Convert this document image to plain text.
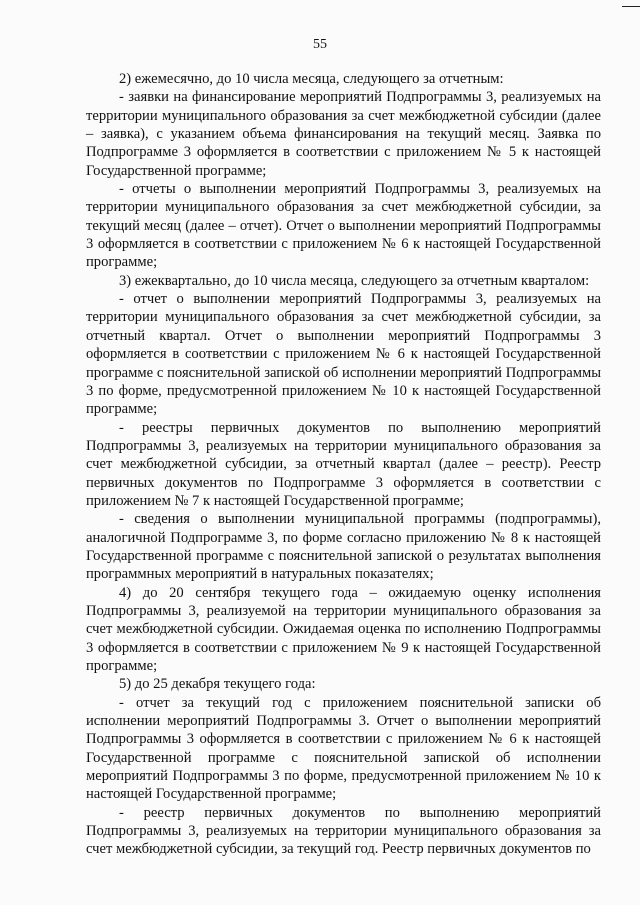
55

2) ежемесячно, до 10 числа месяца, следующего за отчетным:

- заявки на финансирование мероприятий Подпрограммы 3, реализуемых на территории муниципального образования за счет межбюджетной субсидии (далее – заявка), с указанием объема финансирования на текущий месяц. Заявка по Подпрограмме 3 оформляется в соответствии с приложением № 5 к настоящей Государственной программе;

- отчеты о выполнении мероприятий Подпрограммы 3, реализуемых на территории муниципального образования за счет межбюджетной субсидии, за текущий месяц (далее – отчет). Отчет о выполнении мероприятий Подпрограммы 3 оформляется в соответствии с приложением № 6 к настоящей Государственной программе;

3) ежеквартально, до 10 числа месяца, следующего за отчетным кварталом:

- отчет о выполнении мероприятий Подпрограммы 3, реализуемых на территории муниципального образования за счет межбюджетной субсидии, за отчетный квартал. Отчет о выполнении мероприятий Подпрограммы 3 оформляется в соответствии с приложением № 6 к настоящей Государственной программе с пояснительной запиской об исполнении мероприятий Подпрограммы 3 по форме, предусмотренной приложением № 10 к настоящей Государственной программе;

- реестры первичных документов по выполнению мероприятий Подпрограммы 3, реализуемых на территории муниципального образования за счет межбюджетной субсидии, за отчетный квартал (далее – реестр). Реестр первичных документов по Подпрограмме 3 оформляется в соответствии с приложением № 7 к настоящей Государственной программе;

- сведения о выполнении муниципальной программы (подпрограммы), аналогичной Подпрограмме 3, по форме согласно приложению № 8 к настоящей Государственной программе с пояснительной запиской о результатах выполнения программных мероприятий в натуральных показателях;

4) до 20 сентября текущего года – ожидаемую оценку исполнения Подпрограммы 3, реализуемой на территории муниципального образования за счет межбюджетной субсидии. Ожидаемая оценка по исполнению Подпрограммы 3 оформляется в соответствии с приложением № 9 к настоящей Государственной программе;

5) до 25 декабря текущего года:

- отчет за текущий год с приложением пояснительной записки об исполнении мероприятий Подпрограммы 3. Отчет о выполнении мероприятий Подпрограммы 3 оформляется в соответствии с приложением № 6 к настоящей Государственной программе с пояснительной запиской об исполнении мероприятий Подпрограммы 3 по форме, предусмотренной приложением № 10 к настоящей Государственной программе;

- реестр первичных документов по выполнению мероприятий Подпрограммы 3, реализуемых на территории муниципального образования за счет межбюджетной субсидии, за текущий год. Реестр первичных документов по
